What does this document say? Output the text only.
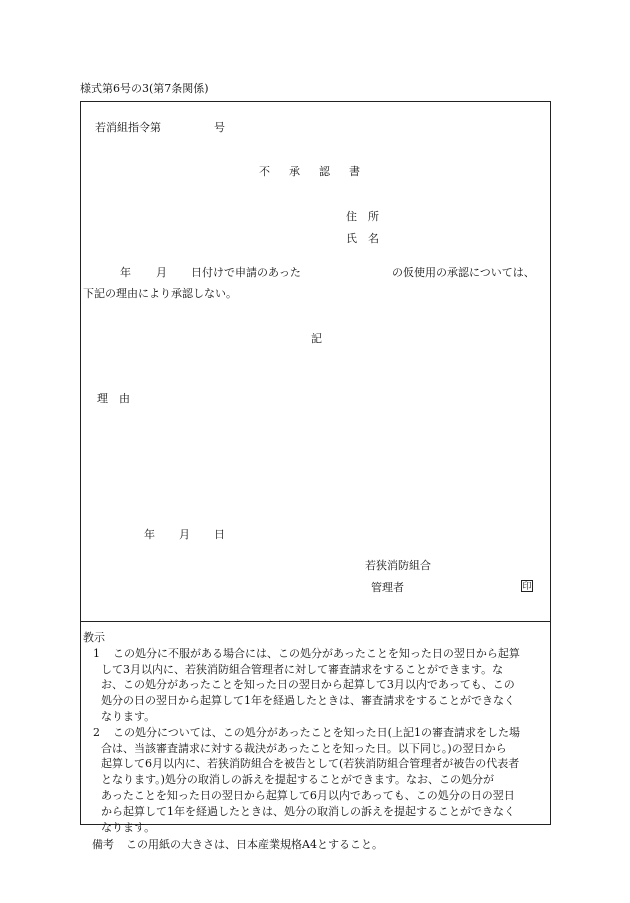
様式第6号の3(第7条関係)
若消組指令第	号
不　承　認　書
住　所
氏　名
年 月 日付けで申請のあった	の仮使用の承認については、
下記の理由により承認しない。
記
理　由
年 月 日
若狭消防組合
管理者	印
教示
1	この処分に不服がある場合には、この処分があったことを知った日の翌日から起算
して3月以内に、若狭消防組合管理者に対して審査請求をすることができます。な
お、この処分があったことを知った日の翌日から起算して3月以内であっても、この
処分の日の翌日から起算して1年を経過したときは、審査請求をすることができなく
なります。
2	この処分については、この処分があったことを知った日(上記1の審査請求をした場
合は、当該審査請求に対する裁決があったことを知った日。以下同じ。)の翌日から
起算して6月以内に、若狭消防組合を被告として(若狭消防組合管理者が被告の代表者
となります。)処分の取消しの訴えを提起することができます。なお、この処分が
あったことを知った日の翌日から起算して6月以内であっても、この処分の日の翌日
から起算して1年を経過したときは、処分の取消しの訴えを提起することができなく
なります。
備考 この用紙の大きさは、日本産業規格A4とすること。
